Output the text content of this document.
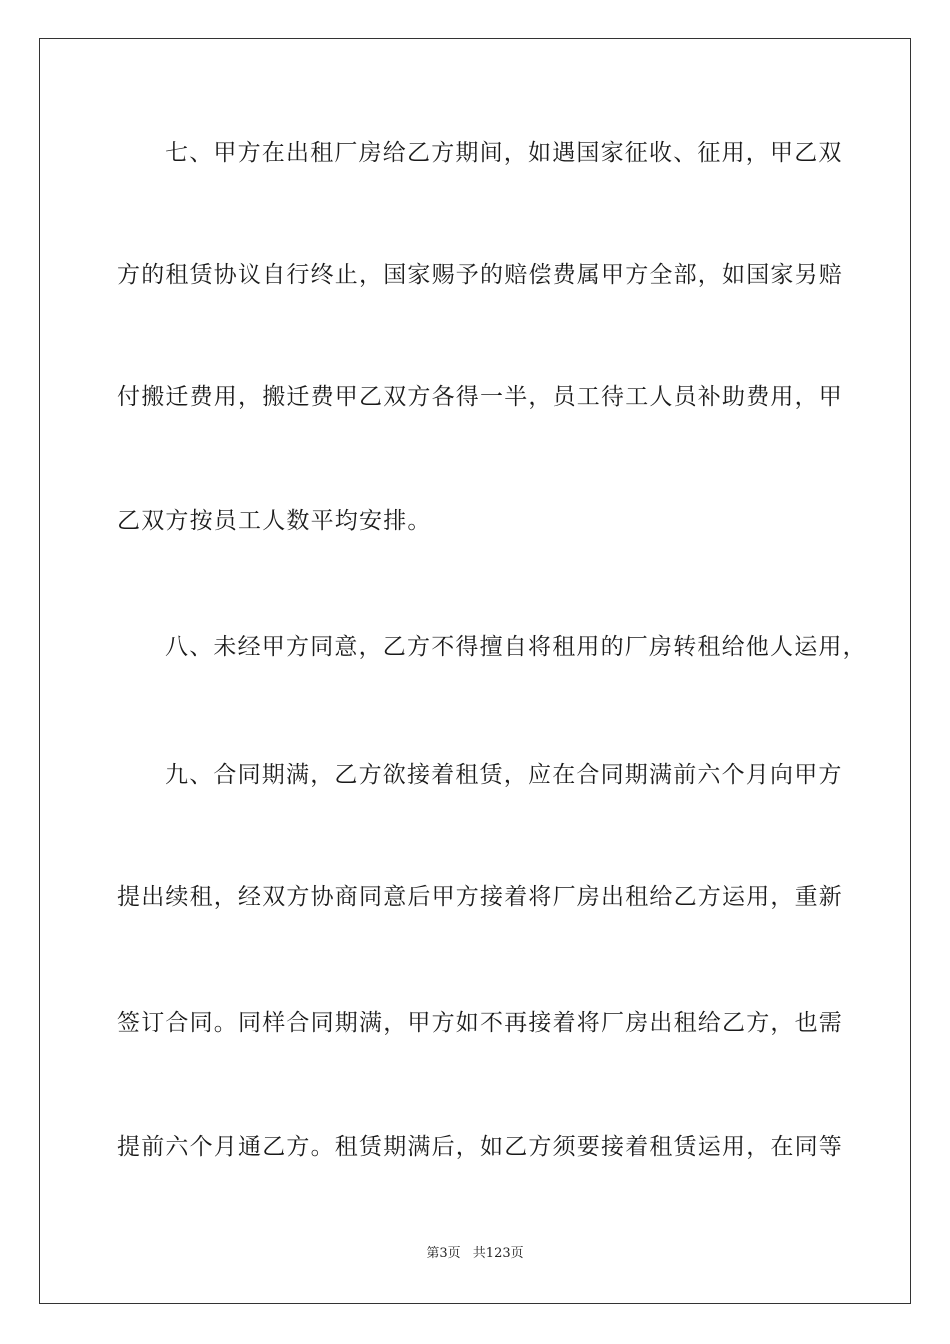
七、甲方在出租厂房给乙方期间，如遇国家征收、征用，甲乙双
方的租赁协议自行终止，国家赐予的赔偿费属甲方全部，如国家另赔
付搬迁费用，搬迁费甲乙双方各得一半，员工待工人员补助费用，甲
乙双方按员工人数平均安排。
八、未经甲方同意，乙方不得擅自将租用的厂房转租给他人运用，
九、合同期满，乙方欲接着租赁，应在合同期满前六个月向甲方
提出续租，经双方协商同意后甲方接着将厂房出租给乙方运用，重新
签订合同。同样合同期满，甲方如不再接着将厂房出租给乙方，也需
提前六个月通乙方。租赁期满后，如乙方须要接着租赁运用，在同等
第3页 共123页
